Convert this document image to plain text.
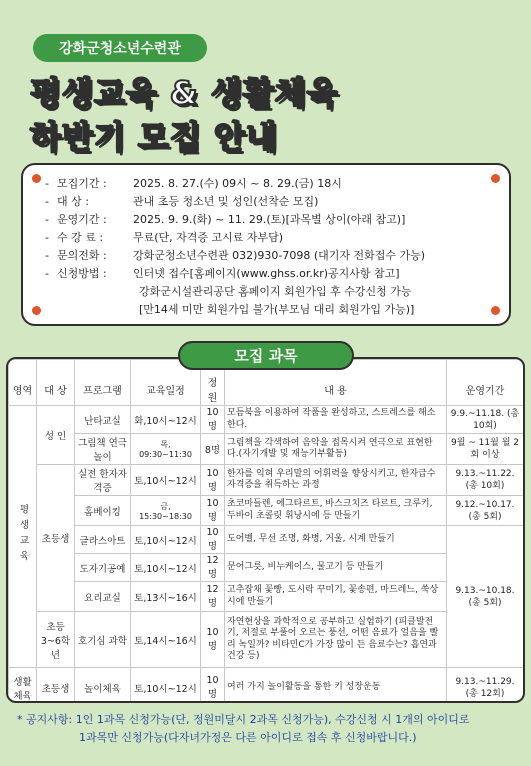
강화군청소년수련관
평생교육 & 생활체육
하반기 모집 안내
- 모집기간 :	2025. 8. 27.(수) 09시 ~ 8. 29.(금) 18시
- 대 상 :	관내 초등 청소년 및 성인(선착순 모집)
- 운영기간 :	2025. 9. 9.(화) ~ 11. 29.(토)[과목별 상이(아래 참고)]
- 수 강 료 :	무료(단, 자격증 고시료 자부담)
- 문의전화 :	강화군청소년수련관 032)930-7098 (대기자 전화접수 가능)
- 신청방법 :	인터넷 접수[홈페이지(www.ghss.or.kr)공지사항 참고]
강화군시설관리공단 홈페이지 회원가입 후 수강신청 가능
[만14세 미만 회원가입 불가(부모님 대리 회원가입 가능)]
모집 과목
영역	대 상	프로그램	교육일정	정원	내 용	운영기간
평생교육	성 인	난타교실	화,10시~12시	10명	모듬북을 이용하여 작품을 완성하고, 스트레스를 해소한다.	9.9.~11.18. (총 10회)
		그림책 연극놀이	목, 09:30~11:30	8명	그림책을 각색하여 음악을 접목시켜 연극으로 표현한다.(자기개발 및 재능기부활동)	9월 ~ 11월 월 2회 이상
	초등생	실전 한자자격증	토,10시~12시	10명	한자를 익혀 우리말의 어휘력을 향상시키고, 한자급수 자격증을 취득하는 과정	9.13.~11.22. (총 10회)
		홈베이킹	금, 15:30~18:30	10명	초코마들렌, 에그타르트, 바스크치즈 타르트, 크루키, 두바이 초콜릿 휘낭시에 등 만들기	9.12.~10.17. (총 5회)
		글라스아트	토,10시~12시	10명	도어벨, 무선 조명, 화병, 거울, 시계 만들기	9.13.~10.18. (총 5회)
		도자기공예	토,10시~12시	12명	문어그릇, 비누케이스, 물고기 등 만들기	
		요리교실	토,13시~16시	12명	고추잡채 꽃빵, 도시락 꾸미기, 꽃송편, 마드레느, 쑥상시에 만들기	
	초등 3~6학년	호기심 과학	토,14시~16시	10명	자연현상을 과학적으로 공부하고 실험하기 (피클발전기, 저절로 부풀어 오르는 풍선, 어떤 음료가 얼음을 빨리 녹일까? 비타민C가 가장 많이 든 음료수는? 흡연과 건강 등)	
생활체육	초등생	놀이체육	토,10시~12시	10명	여러 가지 놀이활동을 통한 키 성장운동	9.13.~11.29. (총 12회)
* 공지사항: 1인 1과목 신청가능(단, 정원미달시 2과목 신청가능), 수강신청 시 1개의 아이디로
1과목만 신청가능(다자녀가정은 다른 아이디로 접속 후 신청바랍니다.)
